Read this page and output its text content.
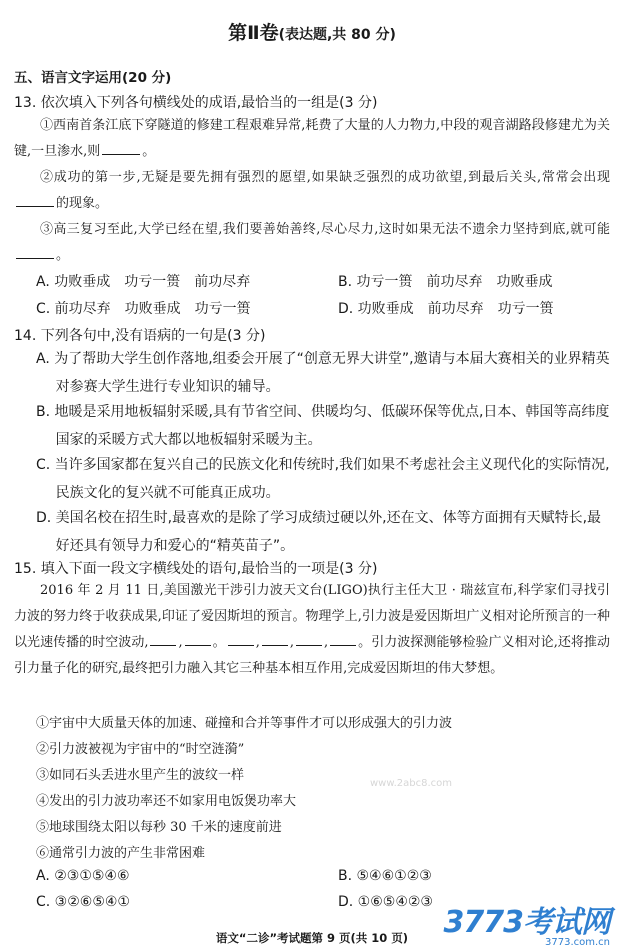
第Ⅱ卷(表达题,共 80 分)
五、语言文字运用(20 分)
13. 依次填入下列各句横线处的成语,最恰当的一组是(3 分)

①西南首条江底下穿隧道的修建工程艰难异常,耗费了大量的人力物力,中段的观音湖路段修建尤为关键,一旦渗水,则	。

②成功的第一步,无疑是要先拥有强烈的愿望,如果缺乏强烈的成功欲望,到最后关头,常常会出现的现象。

③高三复习至此,大学已经在望,我们要善始善终,尽心尽力,这时如果无法不遗余力坚持到底,就可能。

A. 功败垂成　功亏一篑　前功尽弃	B. 功亏一篑　前功尽弃　功败垂成
C. 前功尽弃　功败垂成　功亏一篑	D. 功败垂成　前功尽弃　功亏一篑
14. 下列各句中,没有语病的一句是(3 分)
A. 为了帮助大学生创作落地,组委会开展了“创意无界大讲堂”,邀请与本届大赛相关的业界精英对参赛大学生进行专业知识的辅导。
B. 地暖是采用地板辐射采暖,具有节省空间、供暖均匀、低碳环保等优点,日本、韩国等高纬度国家的采暖方式大都以地板辐射采暖为主。
C. 当许多国家都在复兴自己的民族文化和传统时,我们如果不考虑社会主义现代化的实际情况,民族文化的复兴就不可能真正成功。
D. 美国名校在招生时,最喜欢的是除了学习成绩过硬以外,还在文、体等方面拥有天赋特长,最好还具有领导力和爱心的“精英苗子”。
15. 填入下面一段文字横线处的语句,最恰当的一项是(3 分)

2016 年 2 月 11 日,美国激光干涉引力波天文台(LIGO)执行主任大卫 · 瑞兹宣布,科学家们寻找引力波的努力终于收获成果,印证了爱因斯坦的预言。物理学上,引力波是爱因斯坦广义相对论所预言的一种以光速传播的时空波动, , 。 , , , 。引力波探测能够检验广义相对论,还将推动引力量子化的研究,最终把引力融入其它三种基本相互作用,完成爱因斯坦的伟大梦想。

①宇宙中大质量天体的加速、碰撞和合并等事件才可以形成强大的引力波
②引力波被视为宇宙中的“时空涟漪”
③如同石头丢进水里产生的波纹一样
④发出的引力波功率还不如家用电饭煲功率大
⑤地球围绕太阳以每秒 30 千米的速度前进
⑥通常引力波的产生非常困难
A. ②③①⑤④⑥	B. ⑤④⑥①②③
C. ③②⑥⑤④①	D. ①⑥⑤④②③
www.2abc8.com
语文“二诊”考试题第 9 页(共 10 页)	3773考试网
3773.com.cn
